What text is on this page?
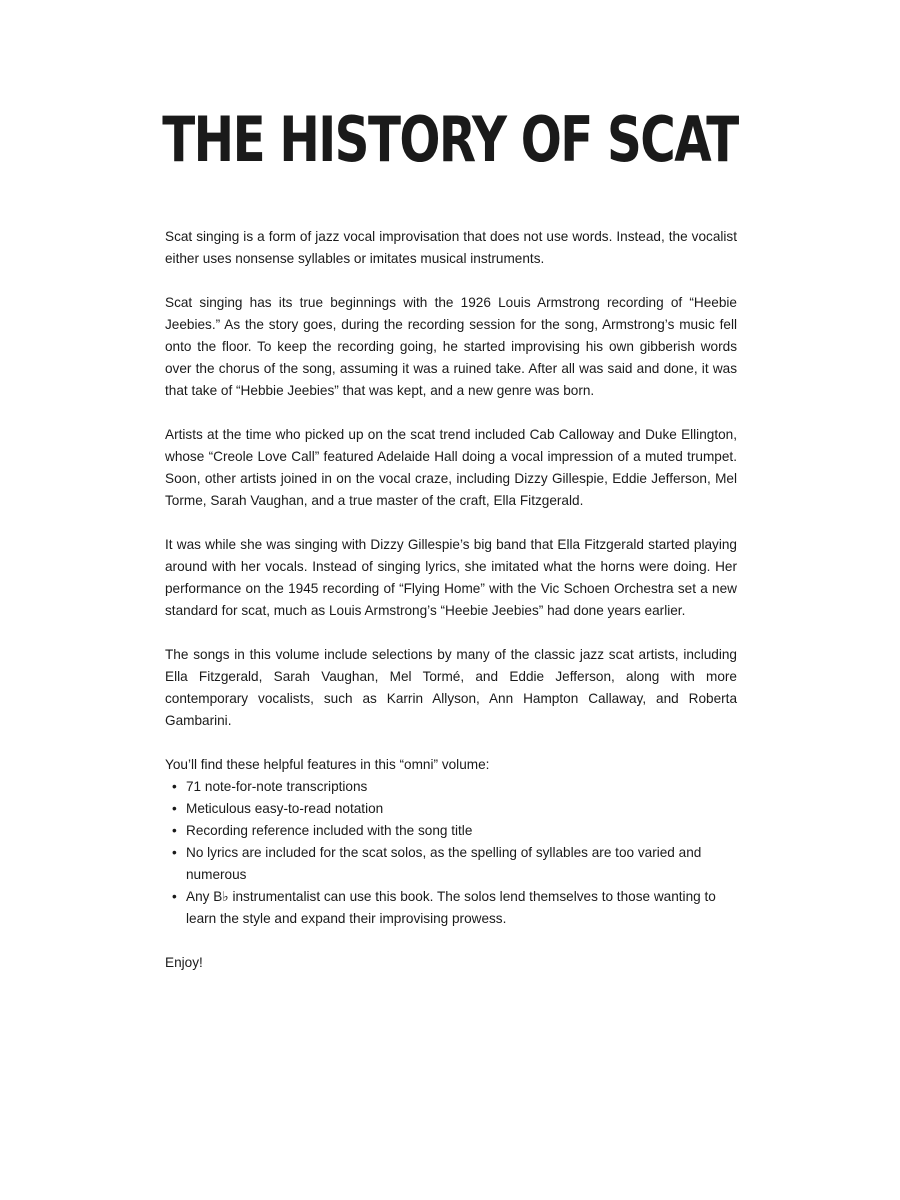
THE HISTORY OF SCAT

Scat singing is a form of jazz vocal improvisation that does not use words. Instead, the vocalist either uses nonsense syllables or imitates musical instruments.

Scat singing has its true beginnings with the 1926 Louis Armstrong recording of “Heebie Jeebies.” As the story goes, during the recording session for the song, Armstrong’s music fell onto the floor. To keep the recording going, he started improvising his own gibberish words over the chorus of the song, assuming it was a ruined take. After all was said and done, it was that take of “Hebbie Jeebies” that was kept, and a new genre was born.

Artists at the time who picked up on the scat trend included Cab Calloway and Duke Ellington, whose “Creole Love Call” featured Adelaide Hall doing a vocal impression of a muted trumpet. Soon, other artists joined in on the vocal craze, including Dizzy Gillespie, Eddie Jefferson, Mel Torme, Sarah Vaughan, and a true master of the craft, Ella Fitzgerald.

It was while she was singing with Dizzy Gillespie’s big band that Ella Fitzgerald started playing around with her vocals. Instead of singing lyrics, she imitated what the horns were doing. Her performance on the 1945 recording of “Flying Home” with the Vic Schoen Orchestra set a new standard for scat, much as Louis Armstrong’s “Heebie Jeebies” had done years earlier.

The songs in this volume include selections by many of the classic jazz scat artists, including Ella Fitzgerald, Sarah Vaughan, Mel Tormé, and Eddie Jefferson, along with more contemporary vocalists, such as Karrin Allyson, Ann Hampton Callaway, and Roberta Gambarini.

You’ll find these helpful features in this “omni” volume:

• 71 note-for-note transcriptions
• Meticulous easy-to-read notation
• Recording reference included with the song title
• No lyrics are included for the scat solos, as the spelling of syllables are too varied and numerous
• Any B♭ instrumentalist can use this book. The solos lend themselves to those wanting to learn the style and expand their improvising prowess.

Enjoy!
